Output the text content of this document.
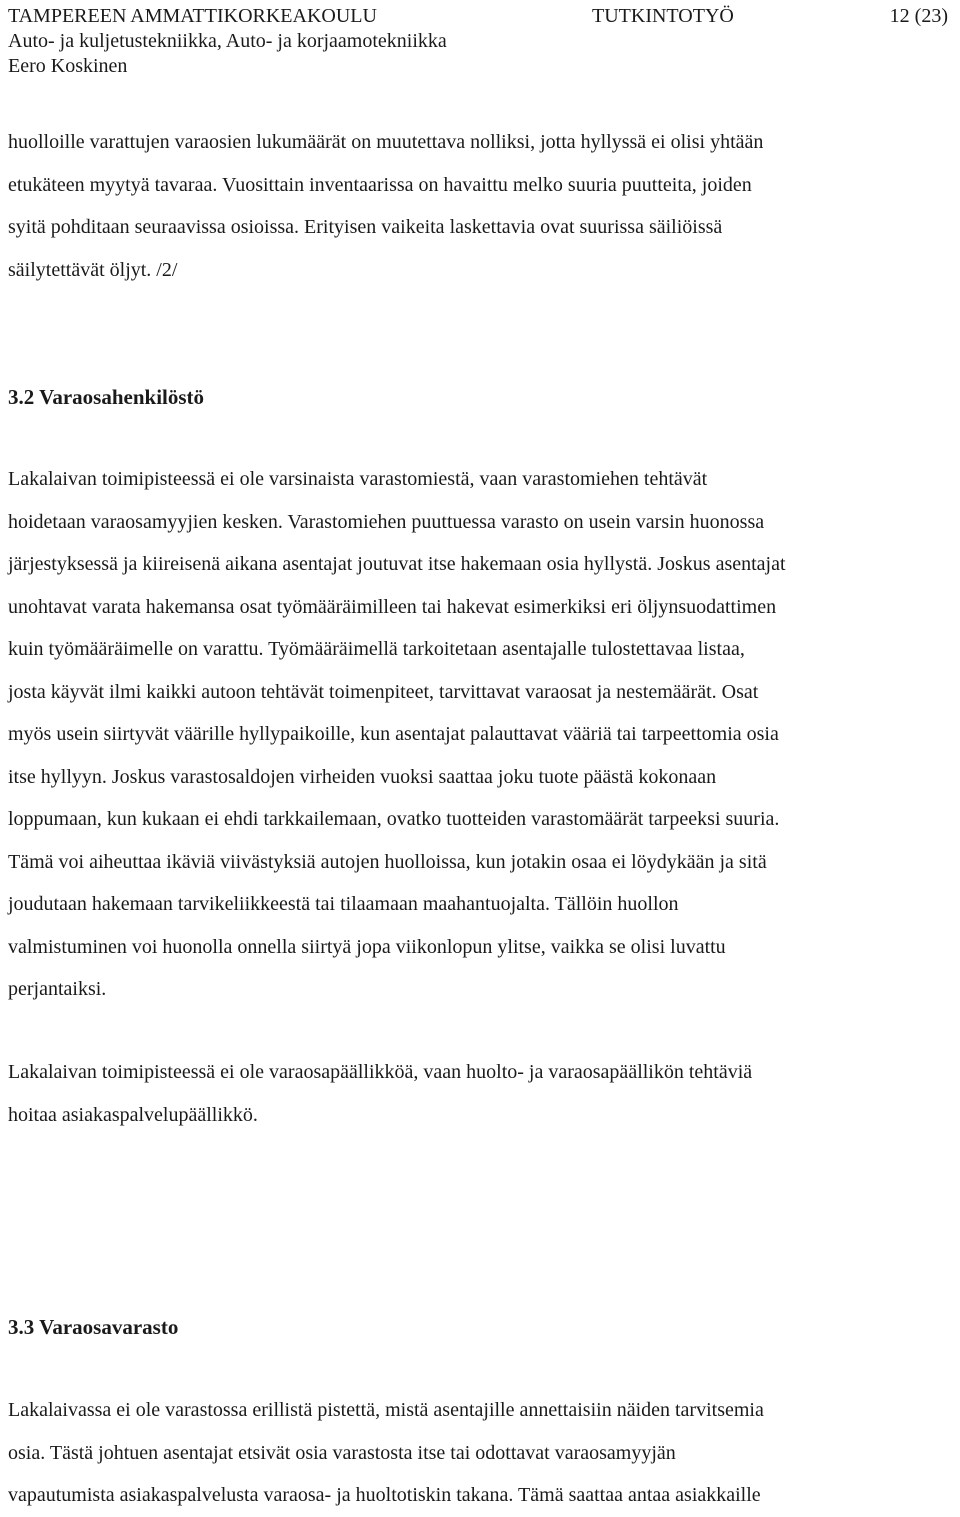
TAMPEREEN AMMATTIKORKEAKOULU	TUTKINTOTYÖ	12 (23)
Auto- ja kuljetustekniikka, Auto- ja korjaamotekniikka
Eero Koskinen
huolloille varattujen varaosien lukumäärät on muutettava nolliksi, jotta hyllyssä ei olisi yhtään
etukäteen myytyä tavaraa. Vuosittain inventaarissa on havaittu melko suuria puutteita, joiden
syitä pohditaan seuraavissa osioissa. Erityisen vaikeita laskettavia ovat suurissa säiliöissä
säilytettävät öljyt. /2/
3.2 Varaosahenkilöstö
Lakalaivan toimipisteessä ei ole varsinaista varastomiestä, vaan varastomiehen tehtävät
hoidetaan varaosamyyjien kesken. Varastomiehen puuttuessa varasto on usein varsin huonossa
järjestyksessä ja kiireisenä aikana asentajat joutuvat itse hakemaan osia hyllystä. Joskus asentajat
unohtavat varata hakemansa osat työmääräimilleen tai hakevat esimerkiksi eri öljynsuodattimen
kuin työmääräimelle on varattu. Työmääräimellä tarkoitetaan asentajalle tulostettavaa listaa,
josta käyvät ilmi kaikki autoon tehtävät toimenpiteet, tarvittavat varaosat ja nestemäärät. Osat
myös usein siirtyvät väärille hyllypaikoille, kun asentajat palauttavat vääriä tai tarpeettomia osia
itse hyllyyn. Joskus varastosaldojen virheiden vuoksi saattaa joku tuote päästä kokonaan
loppumaan, kun kukaan ei ehdi tarkkailemaan, ovatko tuotteiden varastomäärät tarpeeksi suuria.
Tämä voi aiheuttaa ikäviä viivästyksiä autojen huolloissa, kun jotakin osaa ei löydykään ja sitä
joudutaan hakemaan tarvikeliikkeestä tai tilaamaan maahantuojalta. Tällöin huollon
valmistuminen voi huonolla onnella siirtyä jopa viikonlopun ylitse, vaikka se olisi luvattu
perjantaiksi.
Lakalaivan toimipisteessä ei ole varaosapäällikköä, vaan huolto- ja varaosapäällikön tehtäviä
hoitaa asiakaspalvelupäällikkö.
3.3 Varaosavarasto
Lakalaivassa ei ole varastossa erillistä pistettä, mistä asentajille annettaisiin näiden tarvitsemia
osia. Tästä johtuen asentajat etsivät osia varastosta itse tai odottavat varaosamyyjän
vapautumista asiakaspalvelusta varaosa- ja huoltotiskin takana. Tämä saattaa antaa asiakkaille
